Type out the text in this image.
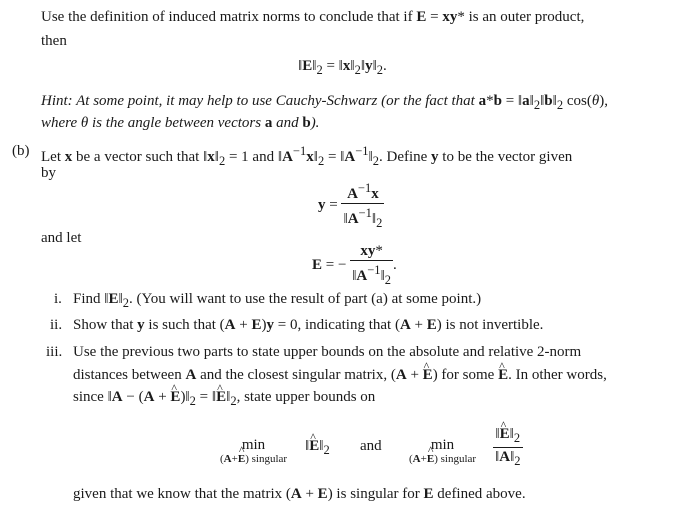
Use the definition of induced matrix norms to conclude that if E = xy* is an outer product,
then
$‖E‖_2$ = $‖x‖_2‖y‖_2$.
Hint: At some point, it may help to use Cauchy-Schwarz (or the fact that $a*b = ‖a‖_2‖b‖_2$ cos(θ),
where θ is the angle between vectors a and b).
(b) Let x be a vector such that $‖x‖_2 = 1$ and $‖A^{-1}x‖_2$ = $‖A^{-1}‖_2$. Define y to be the vector given
by
$y = \frac{A^{-1}x}{‖A^{-1}‖_2}$
and let
E = − $\frac{xy*}{‖A^{-1}‖_2}$ .
i. Find $‖E‖_2$. (You will want to use the result of part (a) at some point.)
ii. Show that y is such that (A + E)y = 0, indicating that (A + E) is not invertible.
iii. Use the previous two parts to state upper bounds on the absolute and relative 2-norm
distances between A and the closest singular matrix, (A + ^ E) for some ^ E. In other words,
since ‖A − (A + ^ $E)‖_2$ = ‖^ $E‖_2$, state upper bounds on
min
(A+^ E) singular
‖^ $E‖_2$ and	min
(A+^ E) singular $\frac{‖\^{} E‖_2}{‖A‖_2}$
given that we know that the matrix (A + E) is singular for E defined above.
